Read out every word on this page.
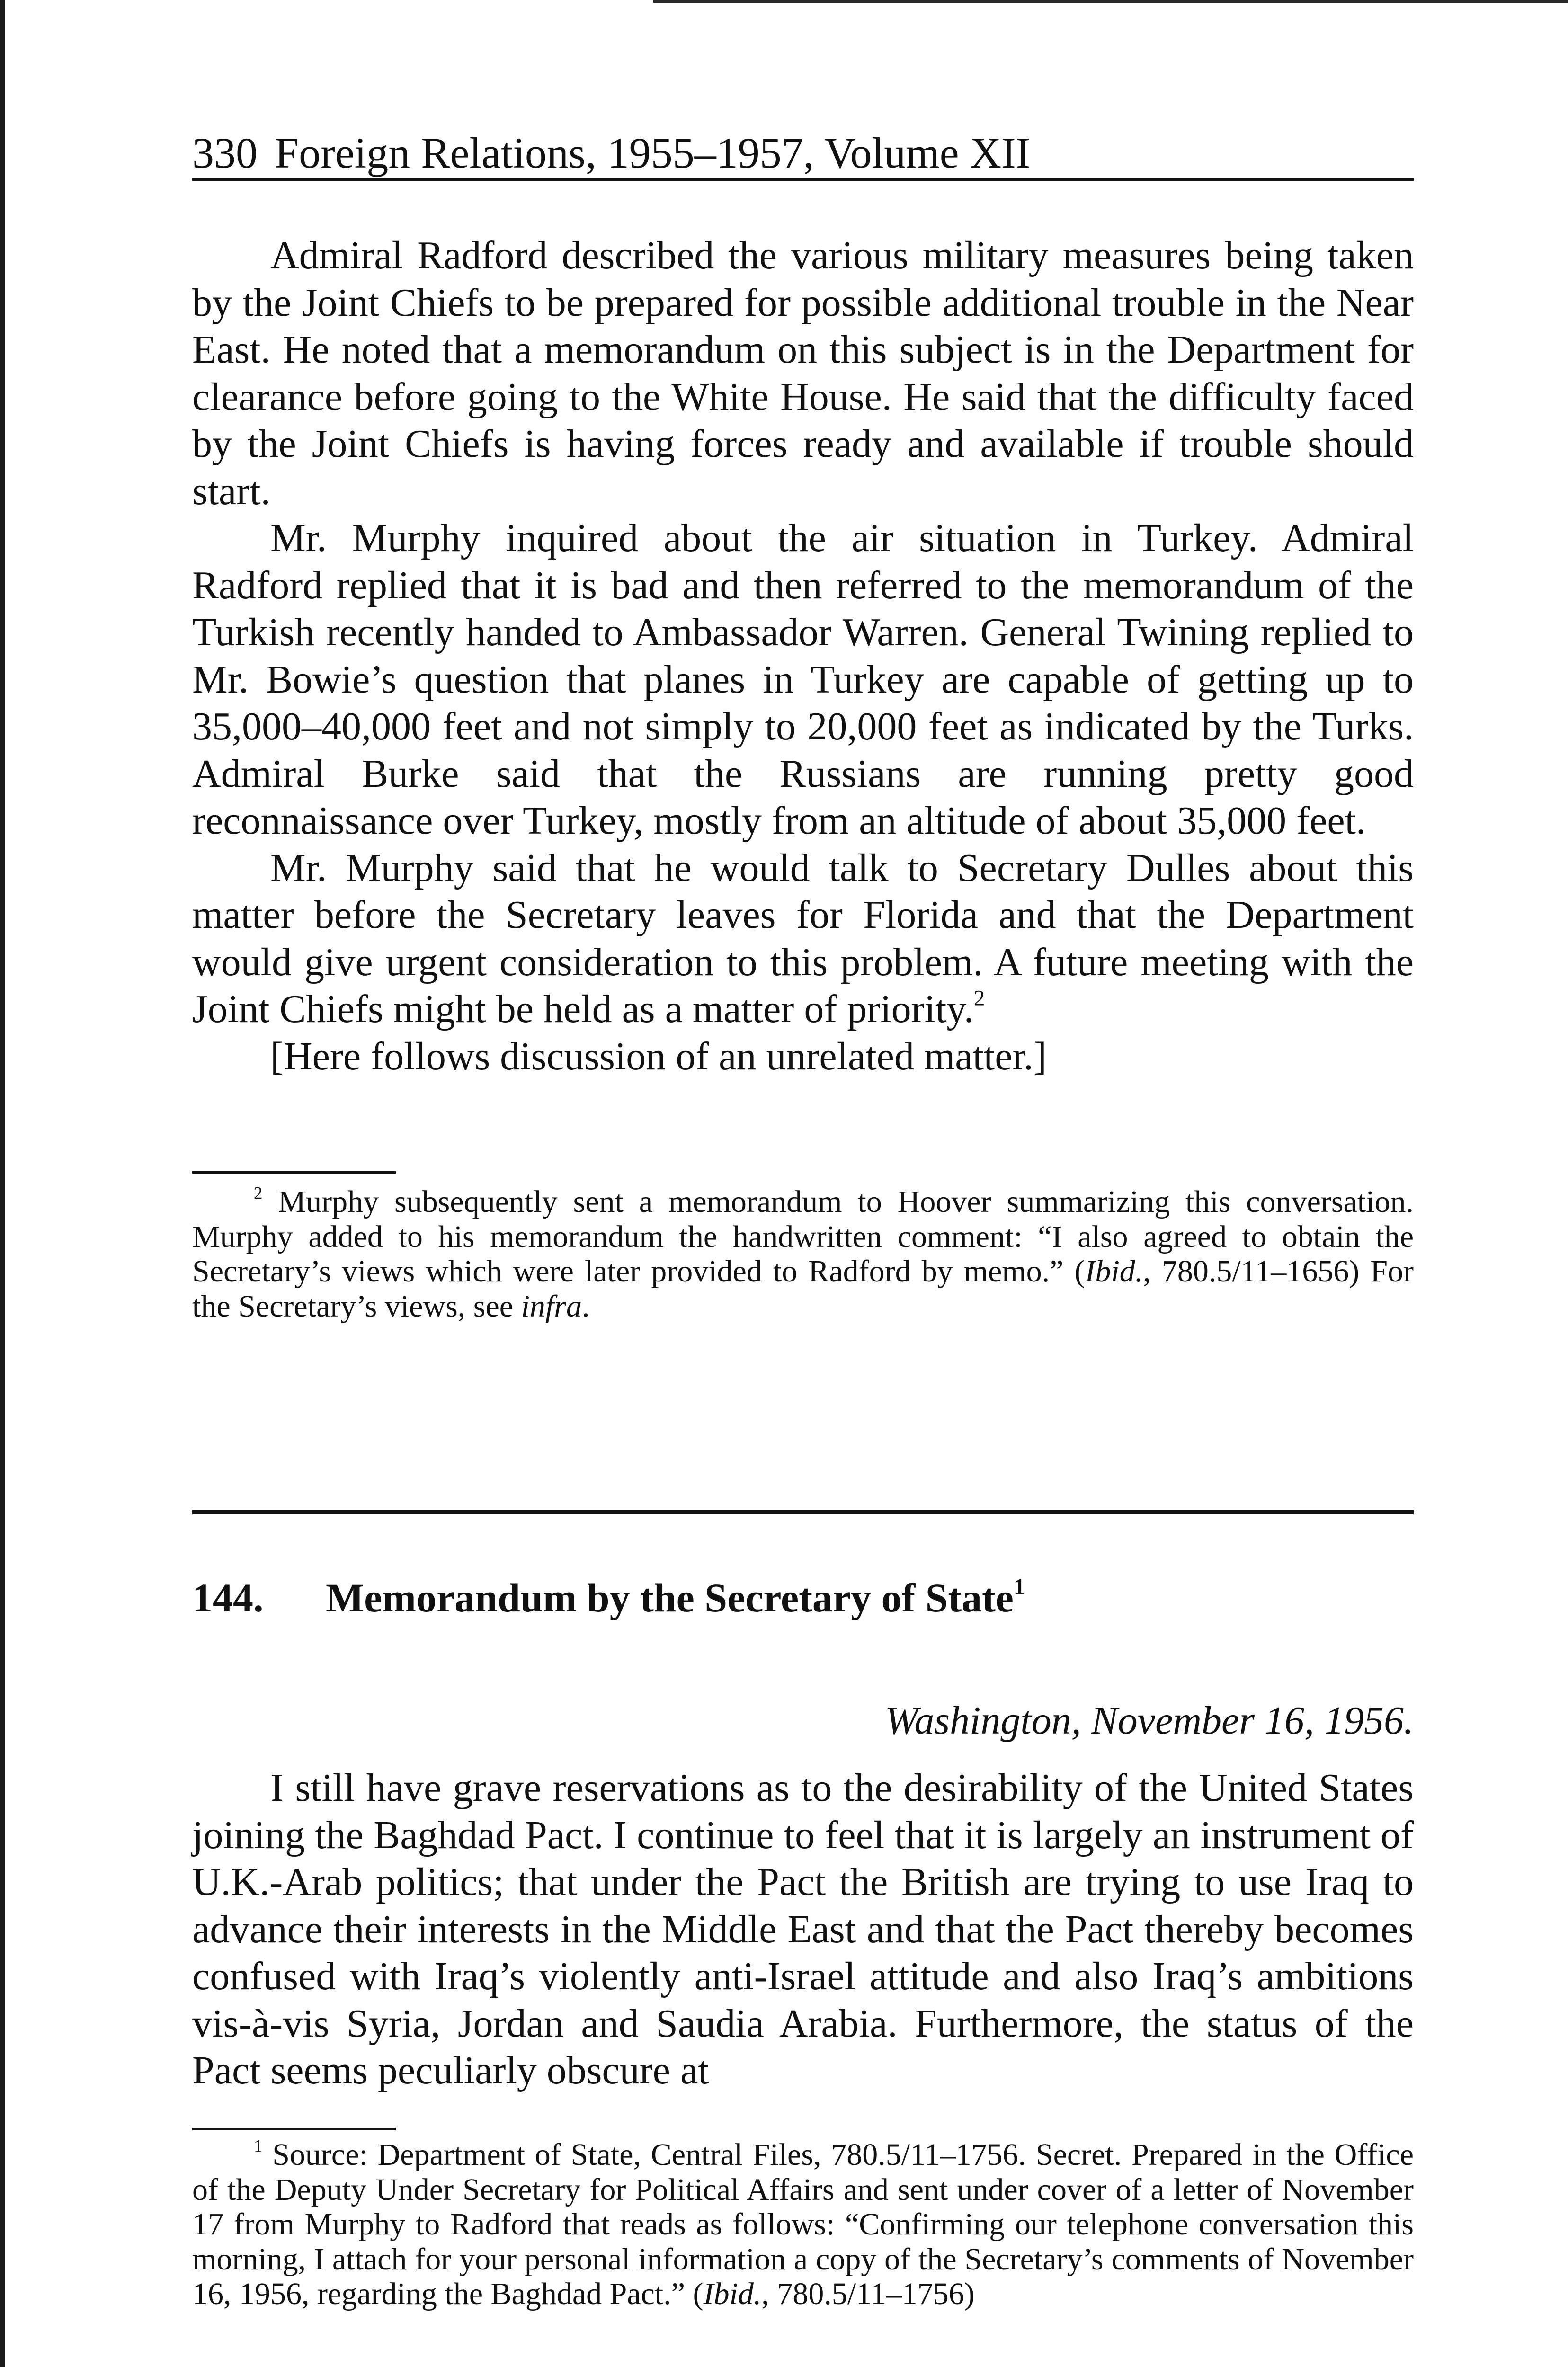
330 Foreign Relations, 1955–1957, Volume XII

Admiral Radford described the various military measures being taken by the Joint Chiefs to be prepared for possible additional trouble in the Near East. He noted that a memorandum on this subject is in the Department for clearance before going to the White House. He said that the difficulty faced by the Joint Chiefs is having forces ready and available if trouble should start.

Mr. Murphy inquired about the air situation in Turkey. Admiral Radford replied that it is bad and then referred to the memorandum of the Turkish recently handed to Ambassador Warren. General Twining replied to Mr. Bowie’s question that planes in Turkey are capable of getting up to 35,000–40,000 feet and not simply to 20,000 feet as indicated by the Turks. Admiral Burke said that the Russians are running pretty good reconnaissance over Turkey, mostly from an altitude of about 35,000 feet.

Mr. Murphy said that he would talk to Secretary Dulles about this matter before the Secretary leaves for Florida and that the Department would give urgent consideration to this problem. A future meeting with the Joint Chiefs might be held as a matter of priority.$^2$

[Here follows discussion of an unrelated matter.]

$^2$ Murphy subsequently sent a memorandum to Hoover summarizing this conversation. Murphy added to his memorandum the handwritten comment: “I also agreed to obtain the Secretary’s views which were later provided to Radford by memo.” (Ibid., 780.5/11–1656) For the Secretary’s views, see infra.

144. Memorandum by the Secretary of State$^1$
Washington, November 16, 1956.

I still have grave reservations as to the desirability of the United States joining the Baghdad Pact. I continue to feel that it is largely an instrument of U.K.-Arab politics; that under the Pact the British are trying to use Iraq to advance their interests in the Middle East and that the Pact thereby becomes confused with Iraq’s violently anti-Israel attitude and also Iraq’s ambitions vis-à-vis Syria, Jordan and Saudia Arabia. Furthermore, the status of the Pact seems peculiarly obscure at

$^1$ Source: Department of State, Central Files, 780.5/11–1756. Secret. Prepared in the Office of the Deputy Under Secretary for Political Affairs and sent under cover of a letter of November 17 from Murphy to Radford that reads as follows: “Confirming our telephone conversation this morning, I attach for your personal information a copy of the Secretary’s comments of November 16, 1956, regarding the Baghdad Pact.” (Ibid., 780.5/11–1756)
